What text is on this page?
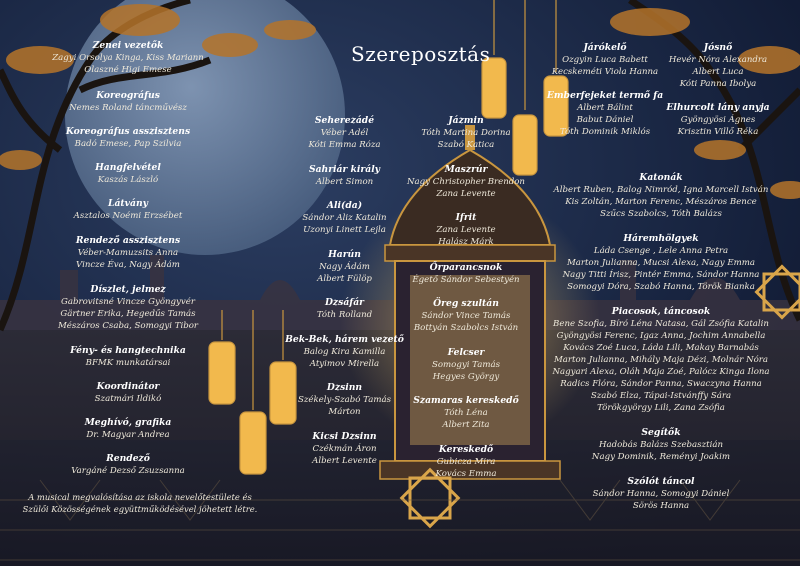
Szereposztás
Zenei vezetők
Zagyi Orsolya Kinga, Kiss Mariann
Olaszné Higi Emese
Koreográfus
Nemes Roland táncművész
Koreográfus asszisztens
Badó Emese, Pap Szilvia
Hangfelvétel
Kaszás László
Látvány
Asztalos Noémi Erzsébet
Rendező asszisztens
Véber-Mamuzsits Anna
Vincze Éva, Nagy Ádám
Díszlet, jelmez
Gabrovitsné Vincze Gyöngyvér
Gärtner Erika, Hegedűs Tamás
Mészáros Csaba, Somogyi Tibor
Fény- és hangtechnika
BFMK munkatársai
Koordinátor
Szatmári Ildikó
Meghívó, grafika
Dr. Magyar Andrea
Rendező
Vargáné Dezső Zsuzsanna
A musical megvalósítása az iskola nevelőtestülete és Szülői Közösségének együttműködésével jöhetett létre.
Seherezádé
Véber Adél
Kóti Emma Róza
Sahriár király
Albert Simon
Ali(da)
Sándor Aliz Katalin
Uzonyi Linett Lejla
Harún
Nagy Ádám
Albert Fülöp
Dzsáfár
Tóth Rolland
Bek-Bek, hárem vezető
Balog Kira Kamilla
Atyimov Mirella
Dzsinn
Székely-Szabó Tamás
Márton
Kicsi Dzsinn
Czékmán Áron
Albert Levente
Jázmin
Tóth Martina Dorina
Szabó Katica
Maszrúr
Nagy Christopher Brendon
Zana Levente
Ifrit
Zana Levente
Halász Márk
Őrparancsnok
Égető Sándor Sebestyén
Öreg szultán
Sándor Vince Tamás
Bottyán Szabolcs István
Felcser
Somogyi Tamás
Hegyes György
Szamaras kereskedő
Tóth Léna
Albert Zita
Kereskedő
Gubicza Mira
Kovács Emma
Járókelő
Ozgyin Luca Babett
Kecskeméti Viola Hanna
Emberfejeket termő fa
Albert Bálint
Babut Dániel
Tóth Dominik Miklós
Jósnő
Hevér Nóra Alexandra
Albert Luca
Kóti Panna Ibolya
Elhurcolt lány anyja
Gyöngyösi Ágnes
Krisztin Villő Réka
Katonák
Albert Ruben, Balog Nimród, Igna Marcell István
Kis Zoltán, Marton Ferenc, Mészáros Bence
Szűcs Szabolcs, Tóth Balázs
Háremhölgyek
Láda Csenge , Lele Anna Petra
Marton Julianna, Mucsi Alexa, Nagy Emma
Nagy Titti Írisz, Pintér Emma, Sándor Hanna
Somogyi Dóra, Szabó Hanna, Török Bianka
Piacosok, táncosok
Bene Szofia, Bíró Léna Natasa, Gál Zsófia Katalin
Gyöngyösi Ferenc, Igaz Anna, Jochim Annabella
Kovács Zoé Luca, Láda Lili, Makay Barnabás
Marton Julianna, Mihály Maja Dézi, Molnár Nóra
Nagyari Alexa, Oláh Maja Zoé, Palócz Kinga Ilona
Radics Flóra, Sándor Panna, Swaczyna Hanna
Szabó Elza, Tápai-Istvánffy Sára
Törökgyörgy Lili, Zana Zsófia
Segítők
Hadobás Balázs Szebasztián
Nagy Dominik, Reményi Joakim
Szólót táncol
Sándor Hanna, Somogyi Dániel
Sörös Hanna
